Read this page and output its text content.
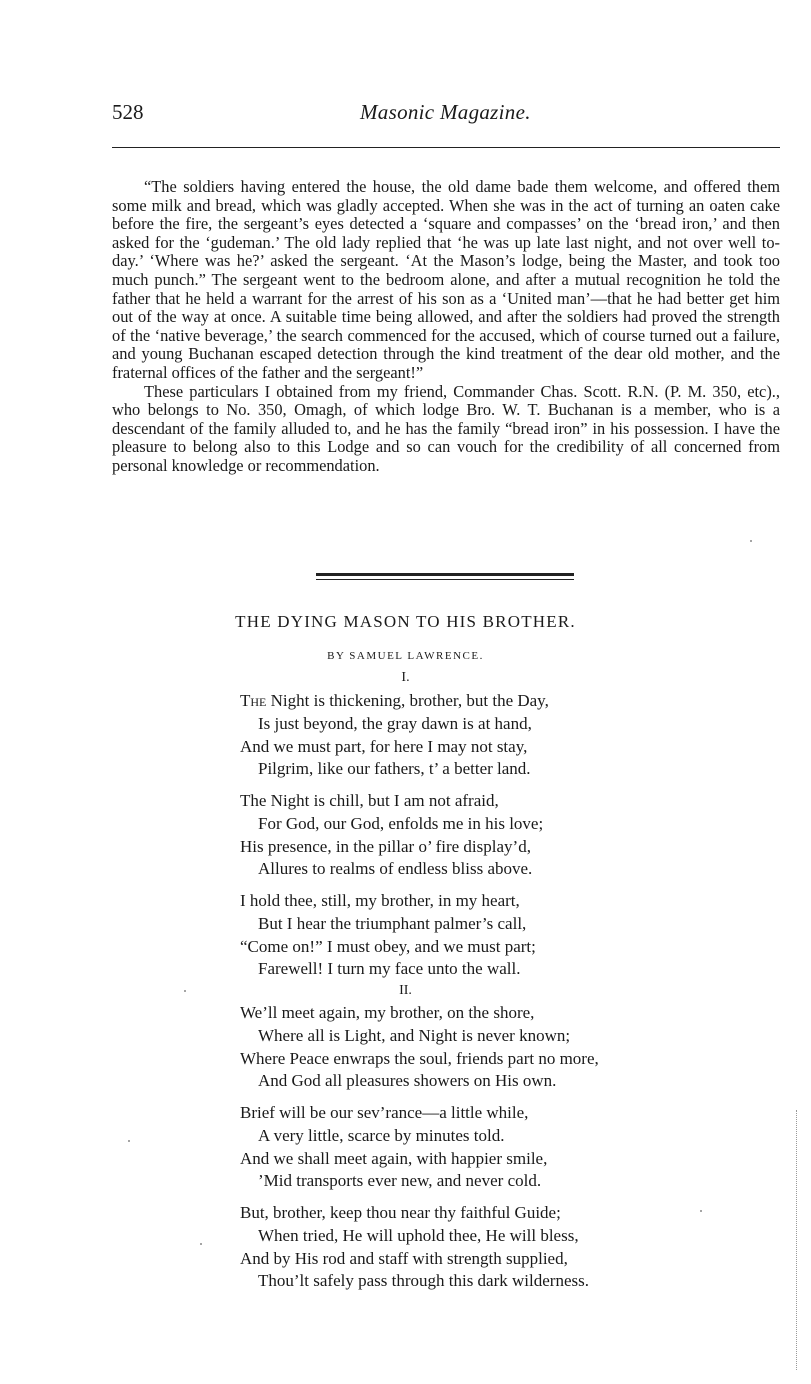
528	Masonic Magazine.

“The soldiers having entered the house, the old dame bade them welcome, and offered them some milk and bread, which was gladly accepted. When she was in the act of turning an oaten cake before the fire, the sergeant’s eyes detected a ‘square and compasses’ on the ‘bread iron,’ and then asked for the ‘gudeman.’ The old lady replied that ‘he was up late last night, and not over well to-day.’ ‘Where was he?’ asked the sergeant. ‘At the Mason’s lodge, being the Master, and took too much punch.” The sergeant went to the bedroom alone, and after a mutual recognition he told the father that he held a warrant for the arrest of his son as a ‘United man’—that he had better get him out of the way at once. A suitable time being allowed, and after the soldiers had proved the strength of the ‘native beverage,’ the search commenced for the accused, which of course turned out a failure, and young Buchanan escaped detection through the kind treatment of the dear old mother, and the fraternal offices of the father and the sergeant!”

These particulars I obtained from my friend, Commander Chas. Scott. R.N. (P. M. 350, etc)., who belongs to No. 350, Omagh, of which lodge Bro. W. T. Buchanan is a member, who is a descendant of the family alluded to, and he has the family “bread iron” in his possession. I have the pleasure to belong also to this Lodge and so can vouch for the credibility of all concerned from personal knowledge or recommendation.

THE DYING MASON TO HIS BROTHER.
BY SAMUEL LAWRENCE.
I.
The Night is thickening, brother, but the Day,
Is just beyond, the gray dawn is at hand,
And we must part, for here I may not stay,
Pilgrim, like our fathers, t’ a better land.
The Night is chill, but I am not afraid,
For God, our God, enfolds me in his love;
His presence, in the pillar o’ fire display’d,
Allures to realms of endless bliss above.
I hold thee, still, my brother, in my heart,
But I hear the triumphant palmer’s call,
“Come on!” I must obey, and we must part;
Farewell! I turn my face unto the wall.
II.
We’ll meet again, my brother, on the shore,
Where all is Light, and Night is never known;
Where Peace enwraps the soul, friends part no more,
And God all pleasures showers on His own.
Brief will be our sev’rance—a little while,
A very little, scarce by minutes told.
And we shall meet again, with happier smile,
’Mid transports ever new, and never cold.
But, brother, keep thou near thy faithful Guide;
When tried, He will uphold thee, He will bless,
And by His rod and staff with strength supplied,
Thou’lt safely pass through this dark wilderness.
